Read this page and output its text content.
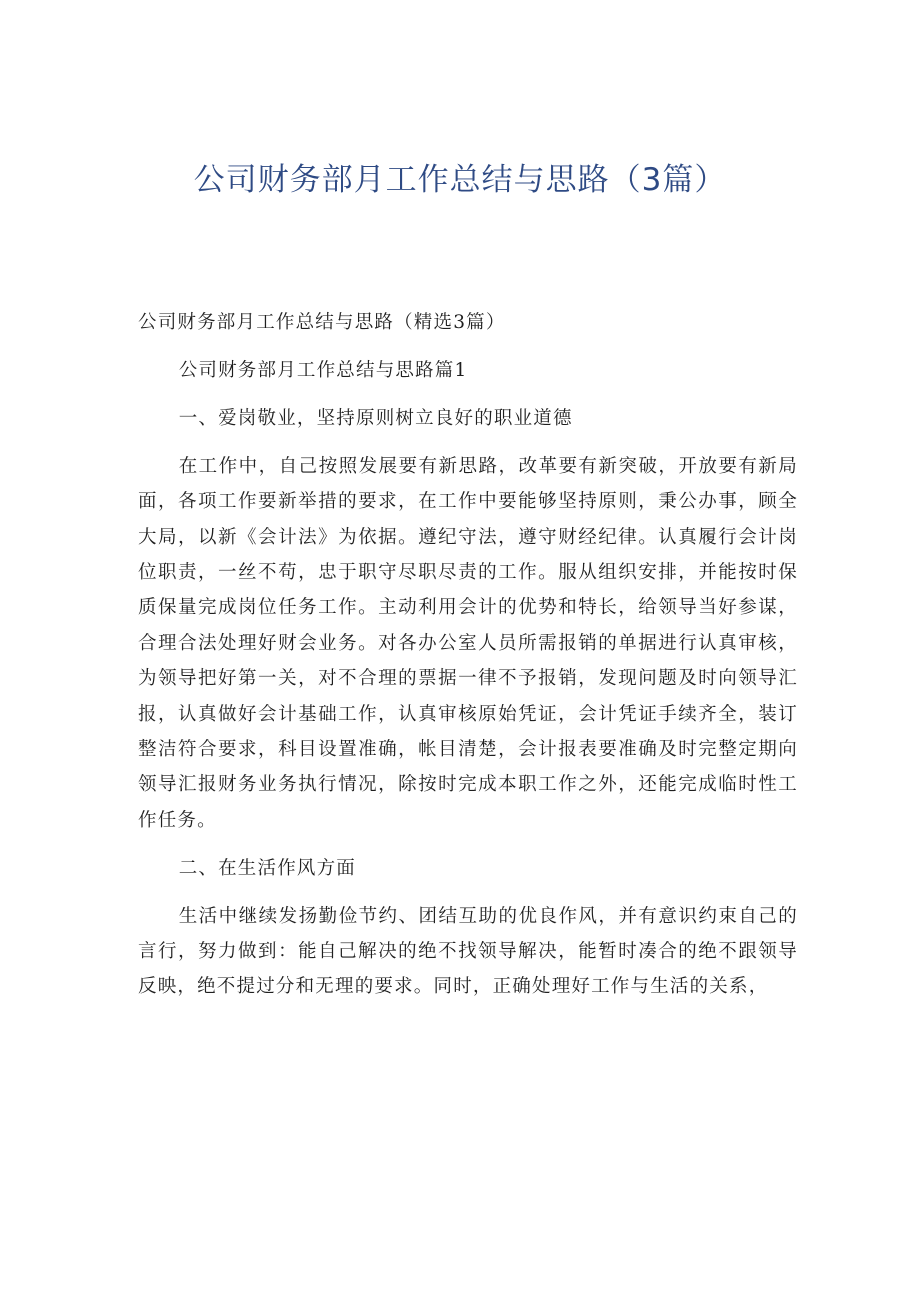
公司财务部月工作总结与思路（3篇）

公司财务部月工作总结与思路（精选3篇）

公司财务部月工作总结与思路篇1

一、爱岗敬业，坚持原则树立良好的职业道德

在工作中，自己按照发展要有新思路，改革要有新突破，开放要有新局面，各项工作要新举措的要求，在工作中要能够坚持原则，秉公办事，顾全大局，以新《会计法》为依据。遵纪守法，遵守财经纪律。认真履行会计岗位职责，一丝不苟，忠于职守尽职尽责的工作。服从组织安排，并能按时保质保量完成岗位任务工作。主动利用会计的优势和特长，给领导当好参谋，合理合法处理好财会业务。对各办公室人员所需报销的单据进行认真审核，为领导把好第一关，对不合理的票据一律不予报销，发现问题及时向领导汇报，认真做好会计基础工作，认真审核原始凭证，会计凭证手续齐全，装订整洁符合要求，科目设置准确，帐目清楚，会计报表要准确及时完整定期向领导汇报财务业务执行情况，除按时完成本职工作之外，还能完成临时性工作任务。

二、在生活作风方面

生活中继续发扬勤俭节约、团结互助的优良作风，并有意识约束自己的言行，努力做到：能自己解决的绝不找领导解决，能暂时凑合的绝不跟领导反映，绝不提过分和无理的要求。同时，正确处理好工作与生活的关系，
